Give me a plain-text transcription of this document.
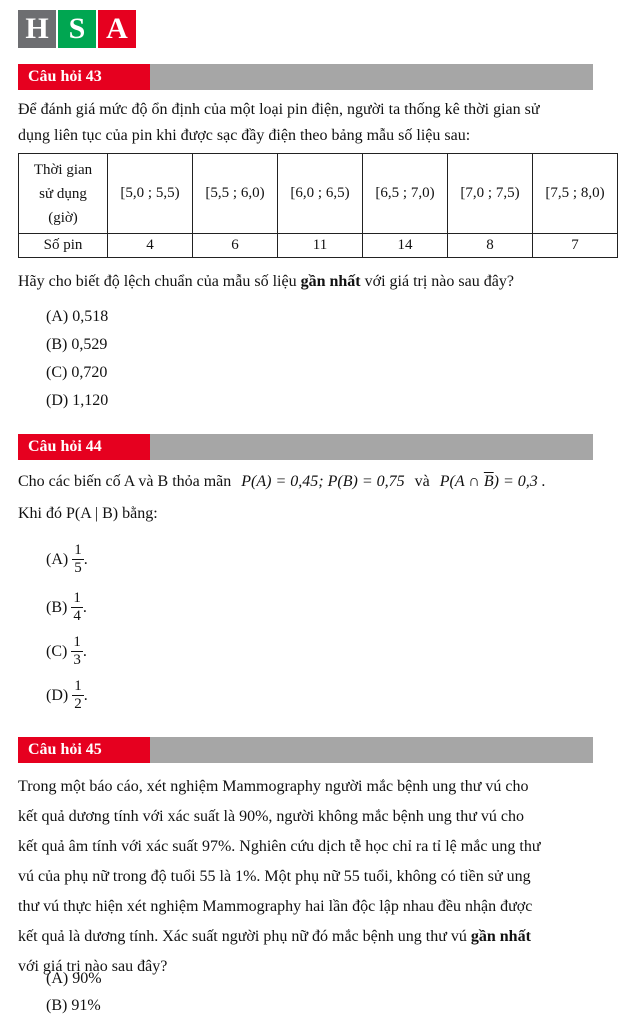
H S A
Câu hỏi 43
Để đánh giá mức độ ổn định của một loại pin điện, người ta thống kê thời gian sử
dụng liên tục của pin khi được sạc đầy điện theo bảng mẫu số liệu sau:
Thời gian
sử dụng
(giờ)	[5,0 ; 5,5)	[5,5 ; 6,0)	[6,0 ; 6,5)	[6,5 ; 7,0)	[7,0 ; 7,5)	[7,5 ; 8,0)
Số pin	4	6	11	14	8	7
Hãy cho biết độ lệch chuẩn của mẫu số liệu gần nhất với giá trị nào sau đây?
(A) 0,518
(B) 0,529
(C) 0,720
(D) 1,120
Câu hỏi 44
Cho các biến cố A và B thỏa mãn P(A) = 0,45; P(B) = 0,75 và P(A ∩ $\overline{B}) = 0,3$ .
Khi đó P(A | B) bằng:
$(A) \frac{1}{5}$ .
$(B) \frac{1}{4}$ .
$(C) \frac{1}{3}$ .
$(D) \frac{1}{2}$ .
Câu hỏi 45
Trong một báo cáo, xét nghiệm Mammography người mắc bệnh ung thư vú cho
kết quả dương tính với xác suất là 90%, người không mắc bệnh ung thư vú cho
kết quả âm tính với xác suất 97%. Nghiên cứu dịch tễ học chỉ ra tỉ lệ mắc ung thư
vú của phụ nữ trong độ tuổi 55 là 1%. Một phụ nữ 55 tuổi, không có tiền sử ung
thư vú thực hiện xét nghiệm Mammography hai lần độc lập nhau đều nhận được
kết quả là dương tính. Xác suất người phụ nữ đó mắc bệnh ung thư vú gần nhất
với giá trị nào sau đây?
(A) 90%
(B) 91%
